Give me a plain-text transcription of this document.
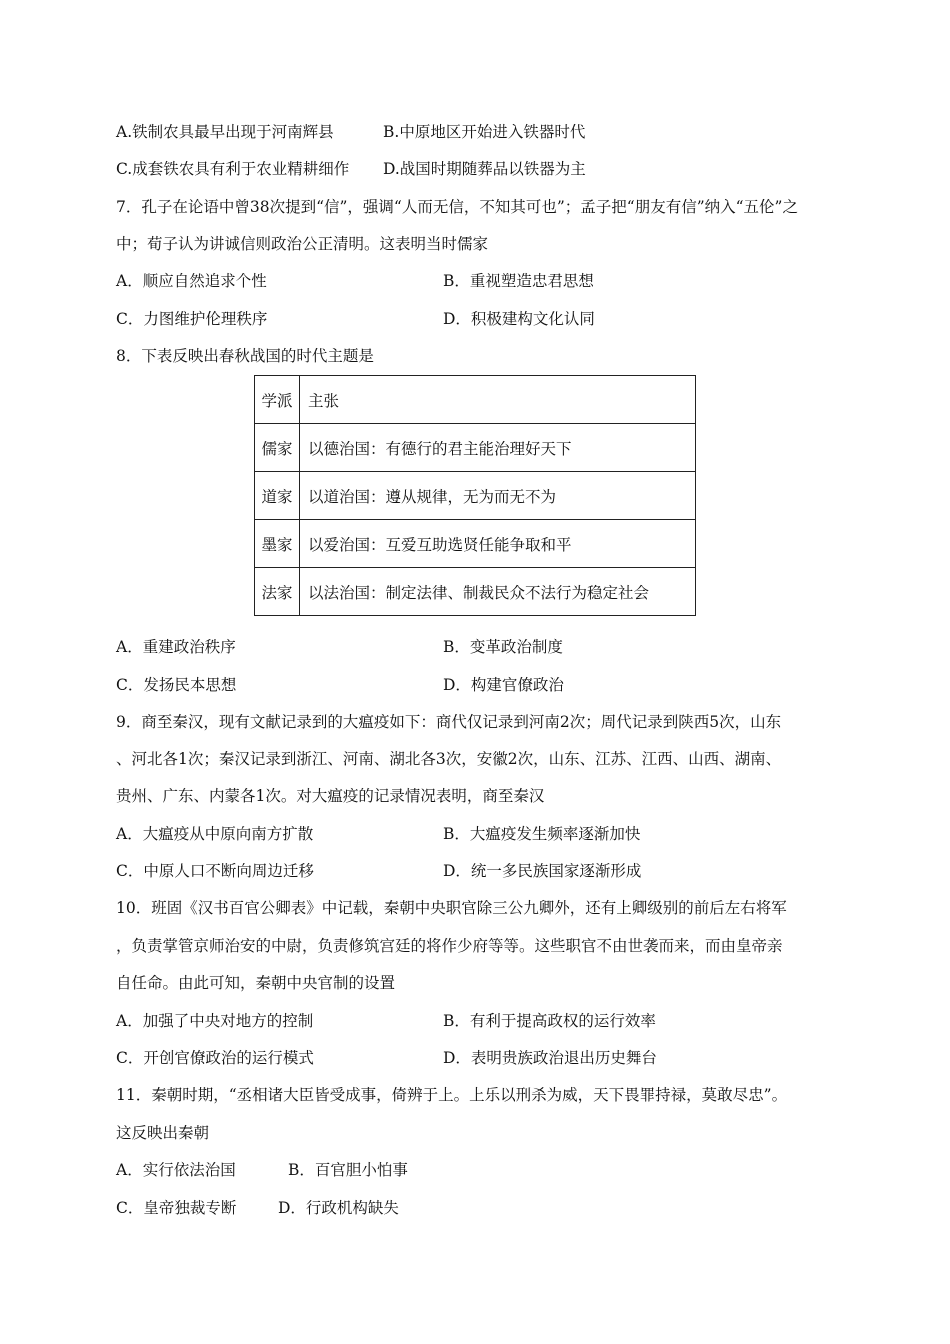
A.铁制农具最早出现于河南辉县	B.中原地区开始进入铁器时代
C.成套铁农具有利于农业精耕细作 D.战国时期随葬品以铁器为主
7．孔子在论语中曾38次提到“信”，强调“人而无信，不知其可也”；孟子把“朋友有信”纳入“五伦”之
中；荀子认为讲诚信则政治公正清明。这表明当时儒家
A．顺应自然追求个性	B．重视塑造忠君思想
C．力图维护伦理秩序	D．积极建构文化认同
8．下表反映出春秋战国的时代主题是
学派	主张
儒家	以德治国：有德行的君主能治理好天下
道家	以道治国：遵从规律，无为而无不为
墨家	以爱治国：互爱互助选贤任能争取和平
法家	以法治国：制定法律、制裁民众不法行为稳定社会
A．重建政治秩序	B．变革政治制度
C．发扬民本思想	D．构建官僚政治
9．商至秦汉，现有文献记录到的大瘟疫如下：商代仅记录到河南2次；周代记录到陕西5次，山东
、河北各1次；秦汉记录到浙江、河南、湖北各3次，安徽2次，山东、江苏、江西、山西、湖南、
贵州、广东、内蒙各1次。对大瘟疫的记录情况表明，商至秦汉
A．大瘟疫从中原向南方扩散	B．大瘟疫发生频率逐渐加快
C．中原人口不断向周边迁移	D．统一多民族国家逐渐形成
10．班固《汉书百官公卿表》中记载，秦朝中央职官除三公九卿外，还有上卿级别的前后左右将军
，负责掌管京师治安的中尉，负责修筑宫廷的将作少府等等。这些职官不由世袭而来，而由皇帝亲
自任命。由此可知，秦朝中央官制的设置
A．加强了中央对地方的控制	B．有利于提高政权的运行效率
C．开创官僚政治的运行模式	D．表明贵族政治退出历史舞台
11．秦朝时期，“丞相诸大臣皆受成事，倚辨于上。上乐以刑杀为威，天下畏罪持禄，莫敢尽忠”。
这反映出秦朝
A．实行依法治国	B．百官胆小怕事
C．皇帝独裁专断	D．行政机构缺失
